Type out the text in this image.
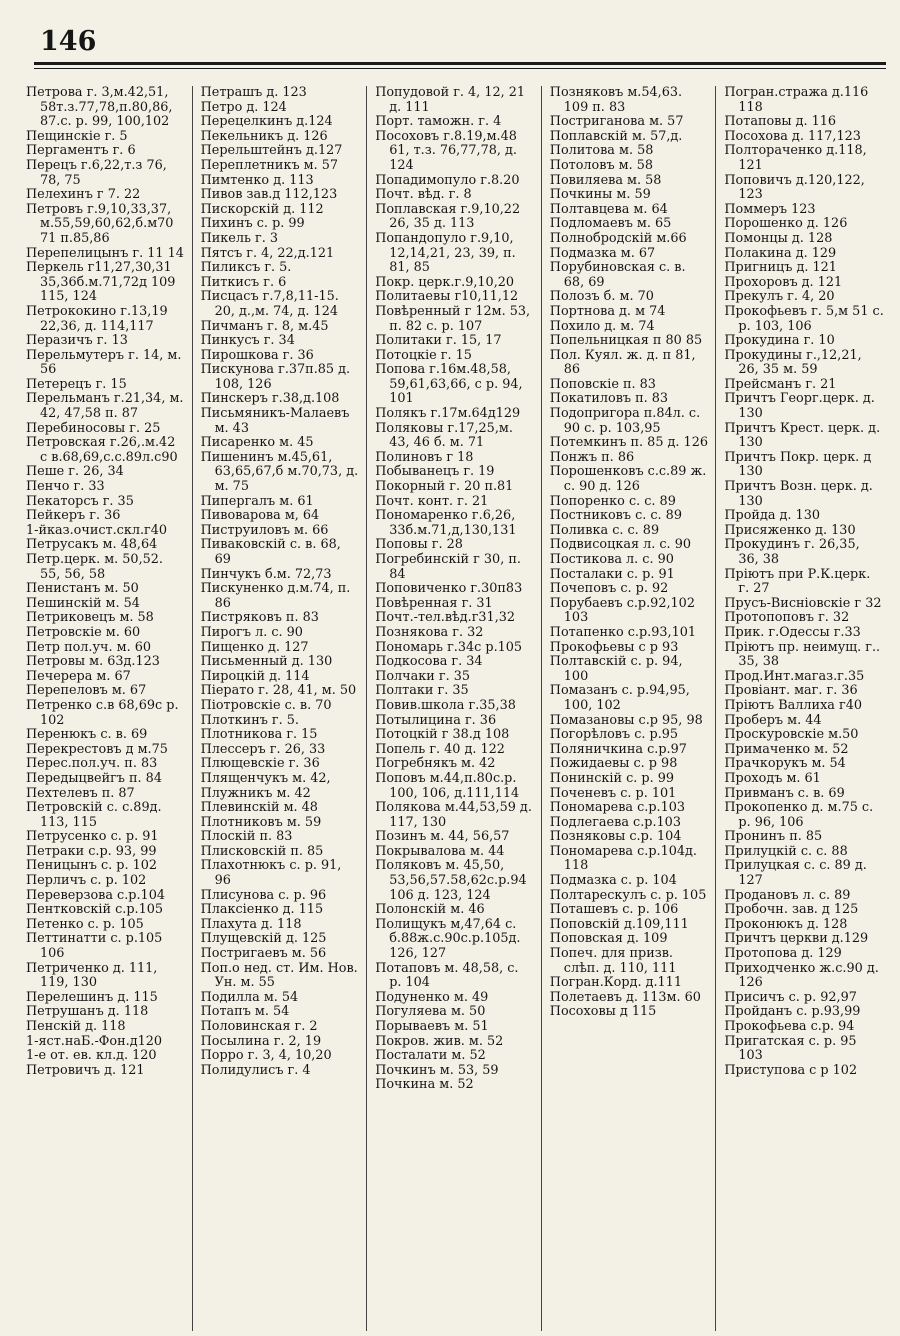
146
Петрова г. 3,м.42,51, 58т.з.77,78,п.80,86, 87.с. р. 99, 100,102
Пещинскіе г. 5
Пергаментъ г. 6
Перецъ г.6,22,т.з 76, 78, 75
Пелехинъ г 7. 22
Петровъ г.9,10,33,37, м.55,59,60,62,б.м70 71 п.85,86
Перепелицынъ г. 11 14
Перкель г11,27,30,31 35,36б.м.71,72д 109 115, 124
Петрококино г.13,19 22,36, д. 114,117
Перазичъ г. 13
Перельмутеръ г. 14, м. 56
Петерецъ г. 15
Перельманъ г.21,34, м. 42, 47,58 п. 87
Перебиносовы г. 25
Петровская г.26,.м.42 с в.68,69,с.с.89л.с90
Пеше г. 26, 34
Пенчо г. 33
Пекаторсъ г. 35
Пейкеръ г. 36
1-йказ.очист.скл.г40
Петрусакъ м. 48,64
Петр.церк. м. 50,52. 55, 56, 58
Пенистанъ м. 50
Пешинскій м. 54
Петриковецъ м. 58
Петровскіе м. 60
Петр пол.уч. м. 60
Петровы м. 63д.123
Печерера м. 67
Перепеловъ м. 67
Петренко с.в 68,69с р. 102
Перенюкъ с. в. 69
Перекрестовъ д м.75
Перес.пол.уч. п. 83
Передыцвейгъ п. 84
Пехтелевъ п. 87
Петровскій с. с.89д. 113, 115
Петрусенко с. р. 91
Петраки с.р. 93, 99
Пеницынъ с. р. 102
Перличъ с. р. 102
Переверзова с.р.104
Пентковскій с.р.105
Петенко с. р. 105
Петтинатти с. р.105 106
Петриченко д. 111, 119, 130
Перелешинъ д. 115
Петрушанъ д. 118
Пенскій д. 118
1-яст.наБ.-Фон.д120
1-е от. ев. кл.д. 120
Петровичъ д. 121
Петрашъ д. 123
Петро д. 124
Перецелкинъ д.124
Пекельникъ д. 126
Перельштейнъ д.127
Переплетникъ м. 57
Пимтенко д. 113
Пивов зав.д 112,123
Пискорскій д. 112
Пихинъ с. р. 99
Пикель г. 3
Пятсъ г. 4, 22,д.121
Пиликсъ г. 5.
Питкисъ г. 6
Писцасъ г.7,8,11-15. 20, д.,м. 74, д. 124
Пичманъ г. 8, м.45
Пинкусъ г. 34
Пирошкова г. 36
Пискунова г.37п.85 д. 108, 126
Пинскеръ г.38,д.108
Письмяникъ-Малаевъ м. 43
Писаренко м. 45
Пишенинъ м.45,61, 63,65,67,б м.70,73, д. м. 75
Пипергалъ м. 61
Пивоварова м, 64
Пиструиловъ м. 66
Пиваковскій с. в. 68, 69
Пинчукъ б.м. 72,73
Пискуненко д.м.74, п. 86
Пистряковъ п. 83
Пирогъ л. с. 90
Пищенко д. 127
Письменный д. 130
Пироцкій д. 114
Піерато г. 28, 41, м. 50
Піотровскіе с. в. 70
Плоткинъ г. 5.
Плотникова г. 15
Плессеръ г. 26, 33
Плющевскіе г. 36
Плященчукъ м. 42,
Плужникъ м. 42
Плевинскій м. 48
Плотниковъ м. 59
Плоскій п. 83
Плисковскій п. 85
Плахотнюкъ с. р. 91, 96
Плисунова с. р. 96
Плаксіенко д. 115
Плахута д. 118
Плущевскій д. 125
Постригаевъ м. 56
Поп.о нед. ст. Им. Нов. Ун. м. 55
Подилла м. 54
Потапъ м. 54
Половинская г. 2
Посылина г. 2, 19
Порро г. 3, 4, 10,20
Полидулисъ г. 4
Попудовой г. 4, 12, 21 д. 111
Порт. таможн. г. 4
Посоховъ г.8.19,м.48 61, т.з. 76,77,78, д. 124
Попадимопуло г.8.20
Почт. вѣд. г. 8
Поплавская г.9,10,22 26, 35 д. 113
Попандопуло г.9,10, 12,14,21, 23, 39, п. 81, 85
Покр. церк.г.9,10,20
Политаевы г10,11,12
Повѣренный г 12м. 53, п. 82 с. р. 107
Политаки г. 15, 17
Потоцкіе г. 15
Попова г.16м.48,58, 59,61,63,66, с р. 94, 101
Полякъ г.17м.64д129
Поляковы г.17,25,м. 43, 46 б. м. 71
Полиновъ г 18
Побыванецъ г. 19
Покорный г. 20 п.81
Почт. конт. г. 21
Пономаренко г.6,26, 33б.м.71,д,130,131
Поповы г. 28
Погребинскій г 30, п. 84
Поповиченко г.30п83
Повѣренная г. 31
Почт.-тел.вѣд.г31,32
Познякова г. 32
Пономарь г.34с р.105
Подкосова г. 34
Полчаки г. 35
Полтаки г. 35
Повив.школа г.35,38
Потылицина г. 36
Потоцкій г 38.д 108
Попель г. 40 д. 122
Погребнякъ м. 42
Поповъ м.44,п.80с.р. 100, 106, д.111,114
Полякова м.44,53,59 д. 117, 130
Позинъ м. 44, 56,57
Покрывалова м. 44
Поляковъ м. 45,50, 53,56,57.58,62с.р.94 106 д. 123, 124
Полонскій м. 46
Полищукъ м,47,64 с. б.88ж.с.90с.р.105д. 126, 127
Потаповъ м. 48,58, с. р. 104
Подуненко м. 49
Погуляева м. 50
Порываевъ м. 51
Покров. жив. м. 52
Посталати м. 52
Почкинъ м. 53, 59
Почкина м. 52
Позняковъ м.54,63. 109 п. 83
Постриганова м. 57
Поплавскій м. 57,д.
Политова м. 58
Потоловъ м. 58
Повиляева м. 58
Почкины м. 59
Полтавцева м. 64
Подломаевъ м. 65
Полнобродскій м.66
Подмазка м. 67
Порубиновская с. в. 68, 69
Полозъ б. м. 70
Портнова д. м 74
Похило д. м. 74
Попельницкая п 80 85
Пол. Куял. ж. д. п 81, 86
Поповскіе п. 83
Покатиловъ п. 83
Подопригора п.84л. с. 90 с. р. 103,95
Потемкинъ п. 85 д. 126
Понжъ п. 86
Порошенковъ с.с.89 ж. с. 90 д. 126
Попоренко с. с. 89
Постниковъ с. с. 89
Поливка с. с. 89
Подвисоцкая л. с. 90
Постикова л. с. 90
Посталаки с. р. 91
Почеповъ с. р. 92
Порубаевъ с.р.92,102 103
Потапенко с.р.93,101
Прокофьевы с р 93
Полтавскій с. р. 94, 100
Помазанъ с. р.94,95, 100, 102
Помазановы с.р 95, 98
Погорѣловъ с. р.95
Поляничкина с.р.97
Пожидаевы с. р 98
Понинскій с. р. 99
Поченевъ с. р. 101
Пономарева с.р.103
Подлегаева с.р.103
Позняковы с.р. 104
Пономарева с.р.104д. 118
Подмазка с. р. 104
Полтарескулъ с. р. 105
Поташевъ с. р. 106
Поповскій д.109,111
Поповская д. 109
Попеч. для призв. слѣп. д. 110, 111
Погран.Корд. д.111
Полетаевъ д. 113м. 60
Посоховы д 115
Погран.стража д.116 118
Потаповы д. 116
Посохова д. 117,123
Полтораченко д.118, 121
Поповичъ д.120,122, 123
Поммеръ 123
Порошенко д. 126
Помонцы д. 128
Полакина д. 129
Пригницъ д. 121
Прохоровъ д. 121
Прекулъ г. 4, 20
Прокофьевъ г. 5,м 51 с. р. 103, 106
Прокудина г. 10
Прокудины г.,12,21, 26, 35 м. 59
Прейсманъ г. 21
Причтъ Георг.церк. д. 130
Причтъ Крест. церк. д. 130
Причтъ Покр. церк. д 130
Причтъ Возн. церк. д. 130
Пройда д. 130
Присяженко д. 130
Прокудинъ г. 26,35, 36, 38
Пріютъ при Р.К.церк. г. 27
Прусъ-Висніовскіе г 32
Протопоповъ г. 32
Прик. г.Одессы г.33
Пріютъ пр. неимущ. г.. 35, 38
Прод.Инт.магаз.г.35
Провіант. маг. г. 36
Пріютъ Валлиха г40
Проберъ м. 44
Проскуровскіе м.50
Примаченко м. 52
Прачкорукъ м. 54
Проходъ м. 61
Привманъ с. в. 69
Прокопенко д. м.75 с. р. 96, 106
Пронинъ п. 85
Прилуцкій с. с. 88
Прилуцкая с. с. 89 д. 127
Продановъ л. с. 89
Пробочн. зав. д 125
Проконюкъ д. 128
Причтъ церкви д.129
Протопова д. 129
Приходченко ж.с.90 д. 126
Присичъ с. р. 92,97
Пройданъ с. р.93,99
Прокофьева с.р. 94
Пригатская с. р. 95 103
Приступова с р 102
